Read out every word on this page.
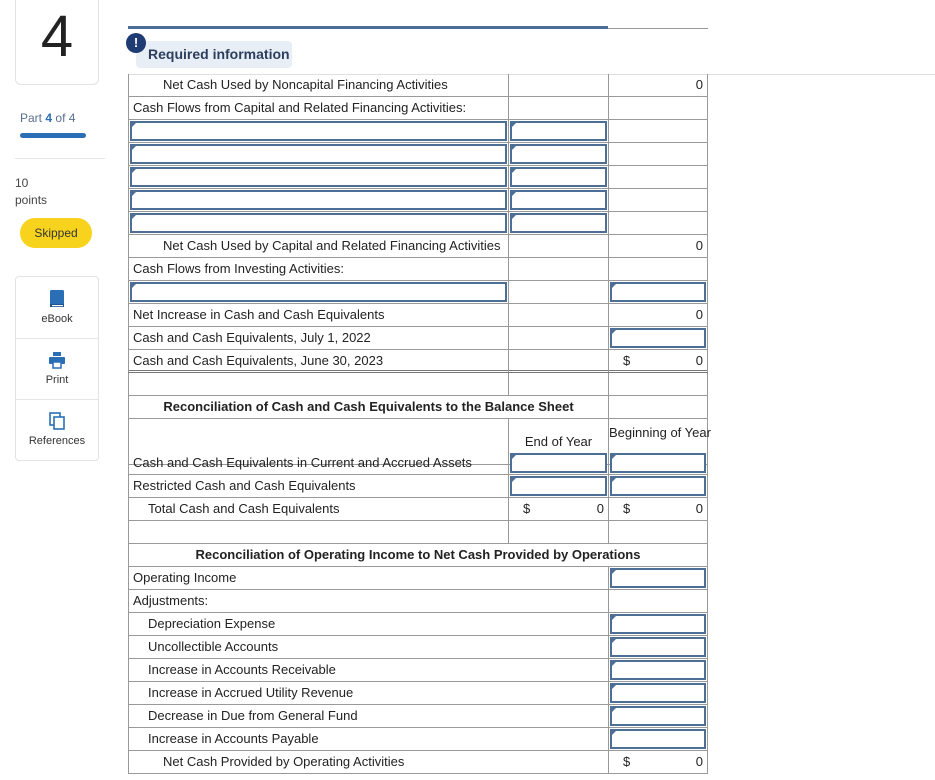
4
Part 4 of 4
10
points
Skipped
eBook
Print
References
Required information
!
Net Cash Used by Noncapital Financing Activities	0
Cash Flows from Capital and Related Financing Activities:
Net Cash Used by Capital and Related Financing Activities	0
Cash Flows from Investing Activities:
Net Increase in Cash and Cash Equivalents	0
Cash and Cash Equivalents, July 1, 2022
Cash and Cash Equivalents, June 30, 2023	$	0
Reconciliation of Cash and Cash Equivalents to the Balance Sheet
End of Year
Beginning of Year
Cash and Cash Equivalents in Current and Accrued Assets
Restricted Cash and Cash Equivalents
Total Cash and Cash Equivalents	$	0	$	0
Reconciliation of Operating Income to Net Cash Provided by Operations
Operating Income
Adjustments:
Depreciation Expense
Uncollectible Accounts
Increase in Accounts Receivable
Increase in Accrued Utility Revenue
Decrease in Due from General Fund
Increase in Accounts Payable
Net Cash Provided by Operating Activities	$	0
